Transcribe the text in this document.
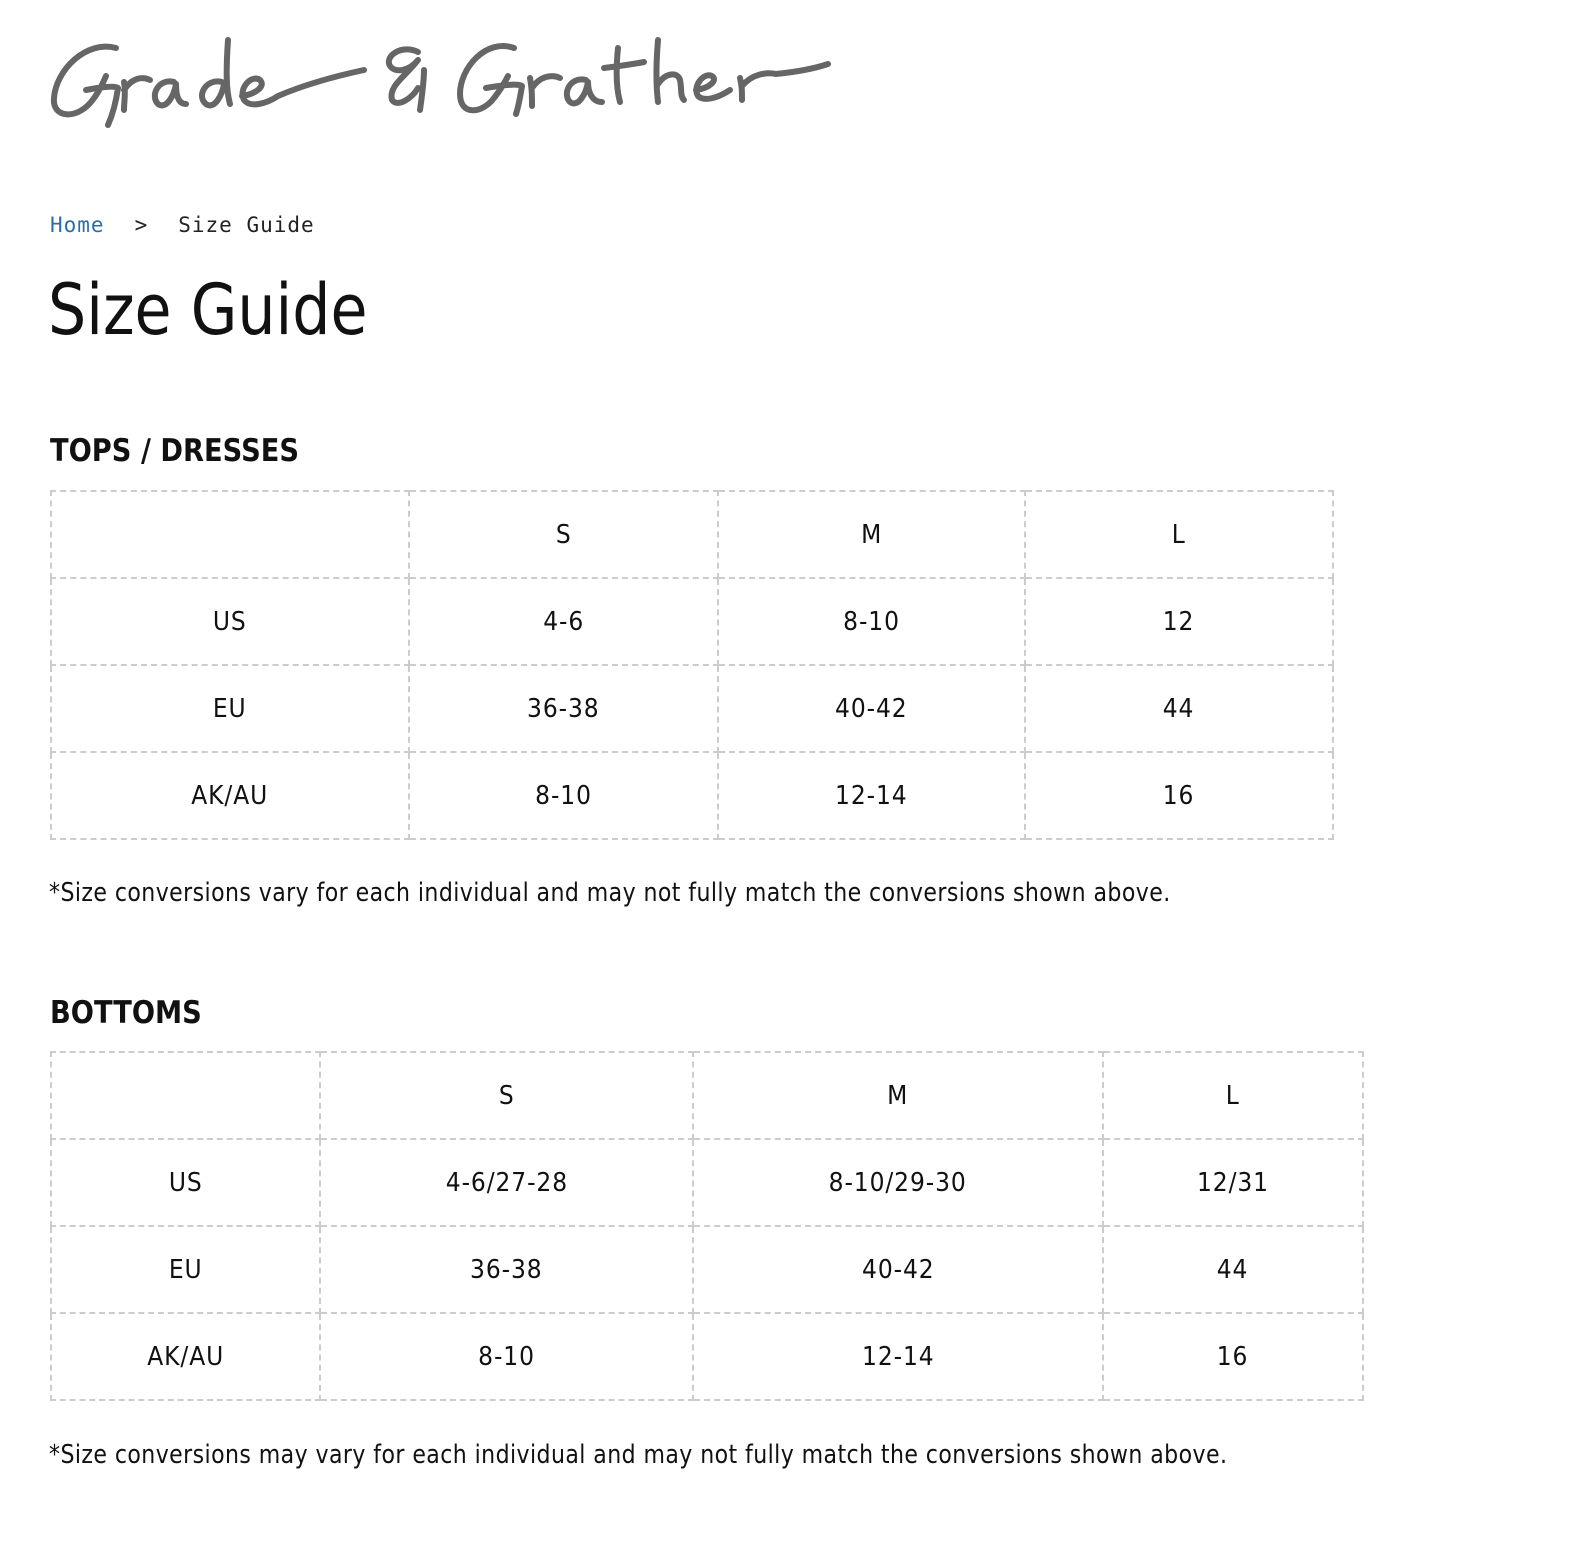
Grade & Gather
Home > Size Guide
Size Guide
TOPS / DRESSES
	S	M	L
US	4-6	8-10	12
EU	36-38	40-42	44
AK/AU	8-10	12-14	16

*Size conversions vary for each individual and may not fully match the conversions shown above.

BOTTOMS
	S	M	L
US	4-6/27-28	8-10/29-30	12/31
EU	36-38	40-42	44
AK/AU	8-10	12-14	16

*Size conversions may vary for each individual and may not fully match the conversions shown above.
